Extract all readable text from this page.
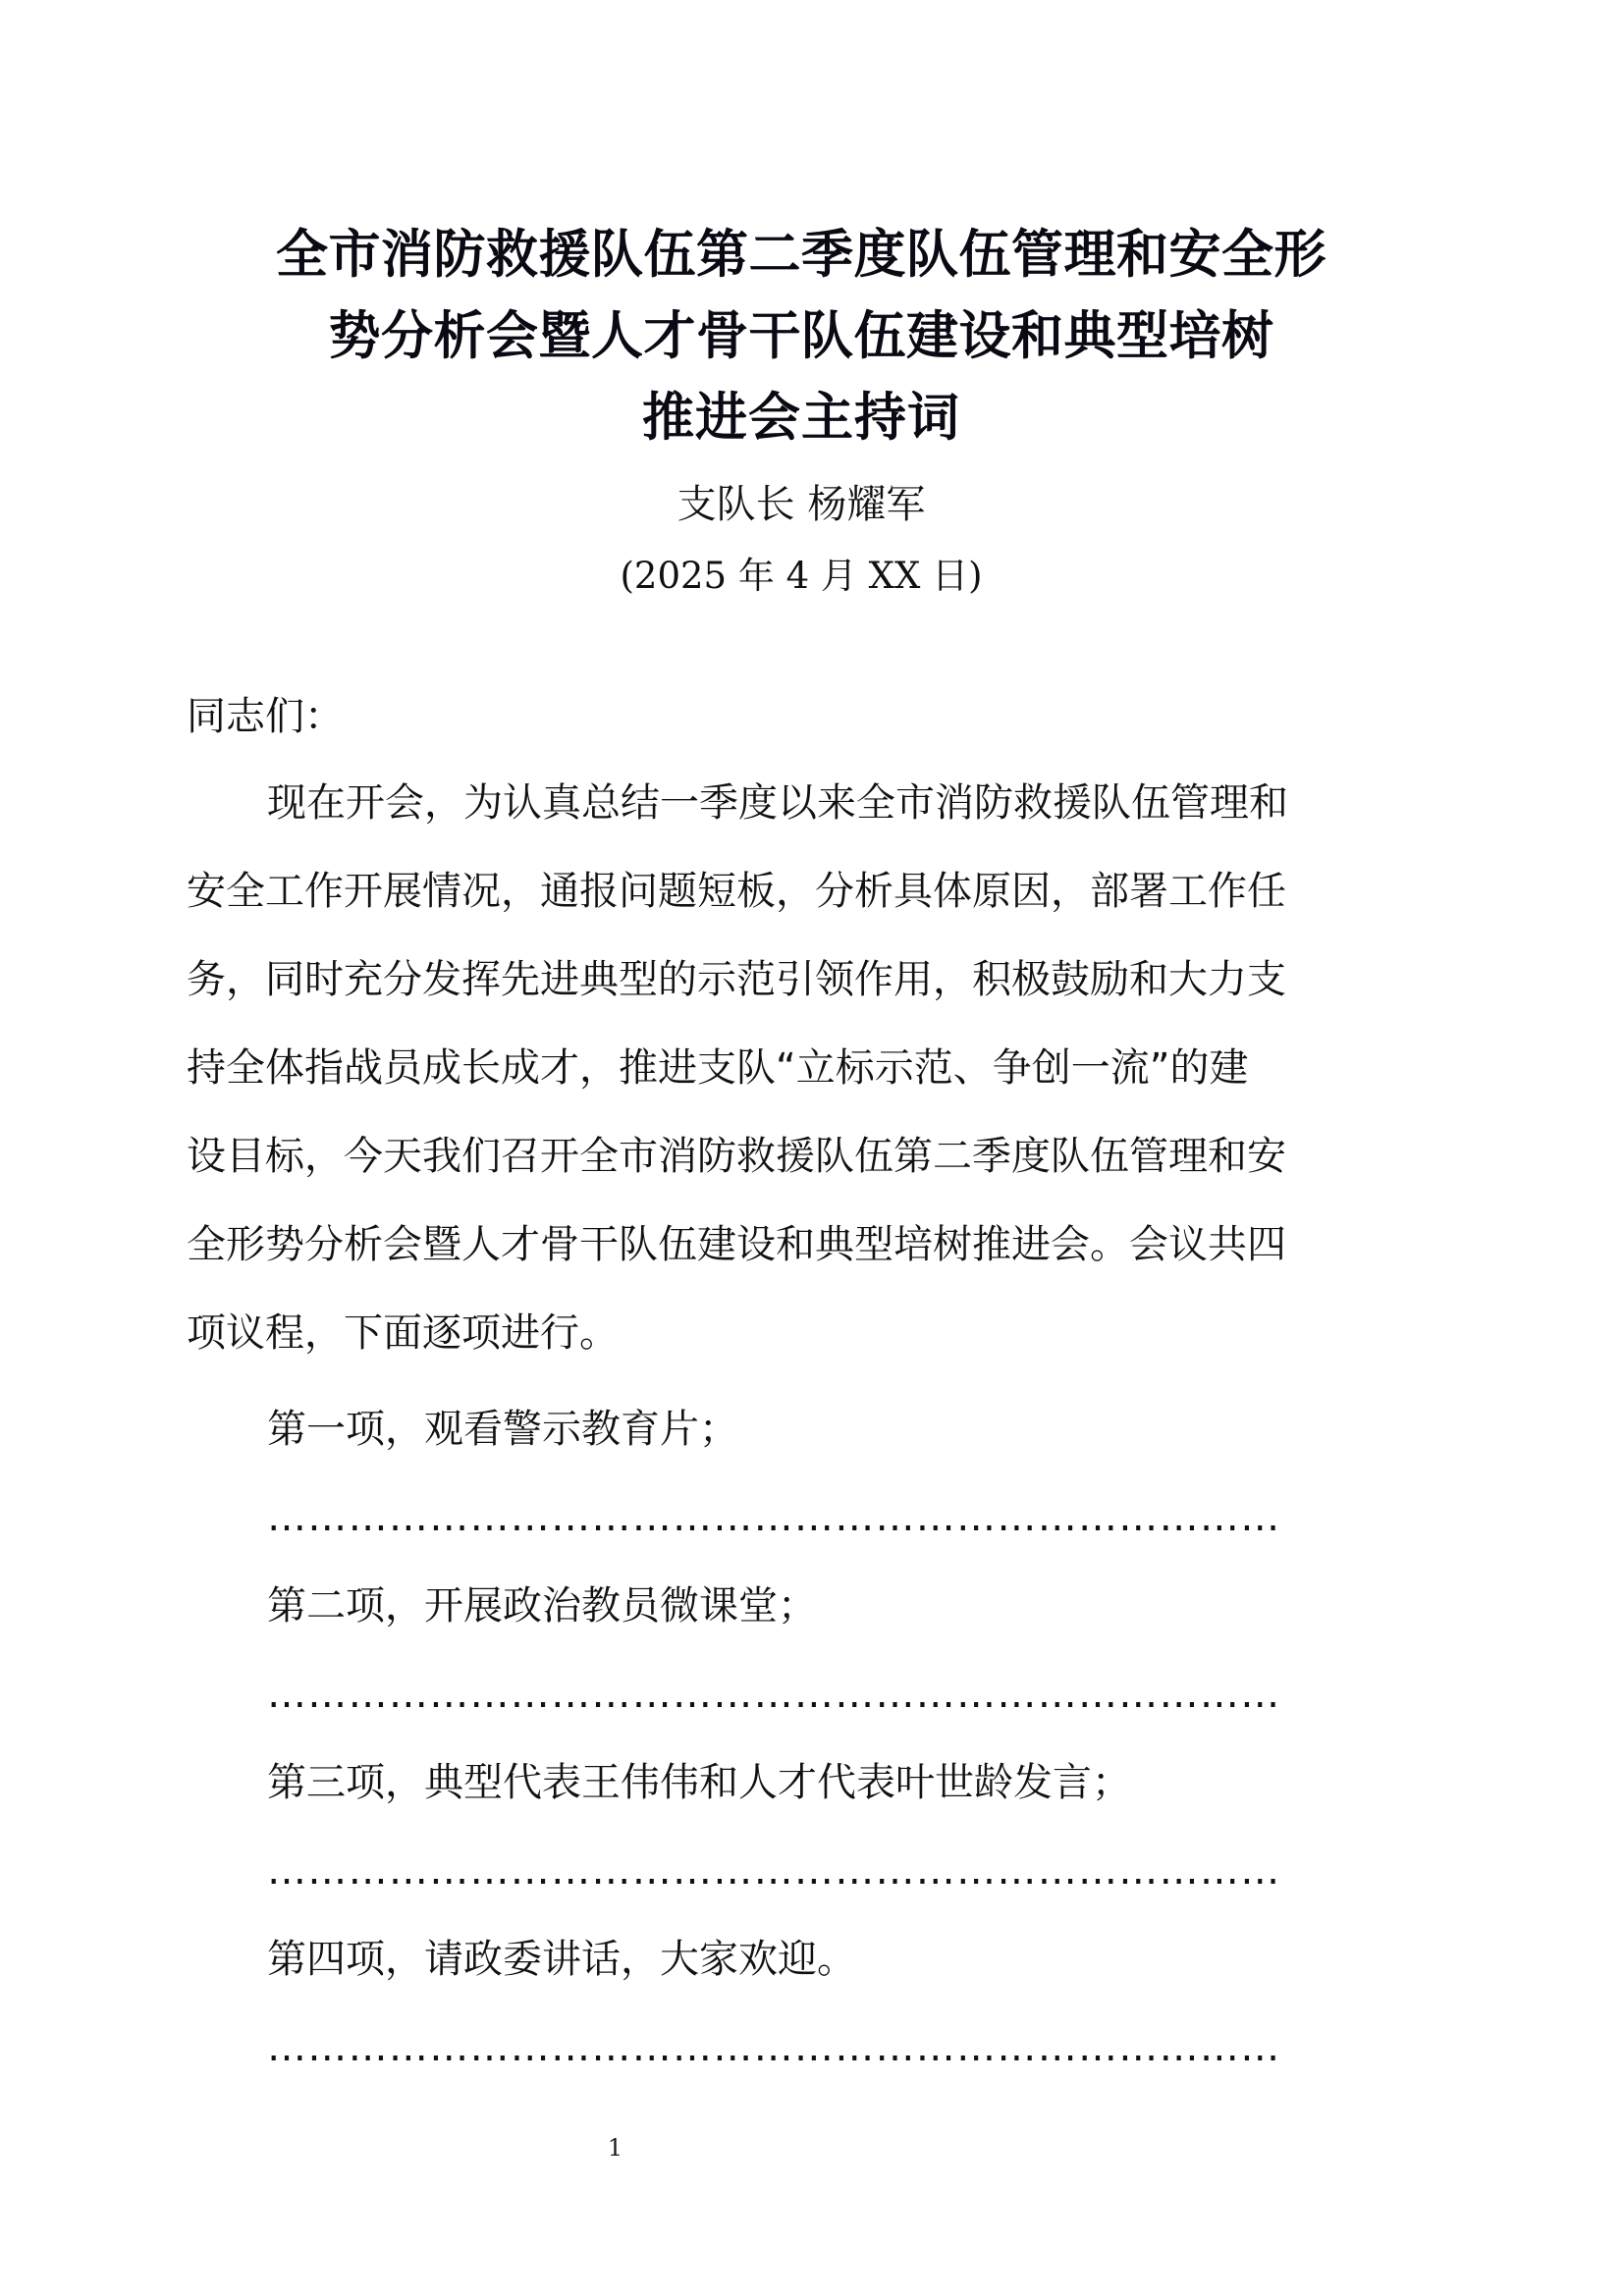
全市消防救援队伍第二季度队伍管理和安全形
势分析会暨人才骨干队伍建设和典型培树
推进会主持词

支队长 杨耀军

(2025 年 4 月 XX 日)

同志们：

现在开会，为认真总结一季度以来全市消防救援队伍管理和
安全工作开展情况，通报问题短板，分析具体原因，部署工作任
务，同时充分发挥先进典型的示范引领作用，积极鼓励和大力支
持全体指战员成长成才，推进支队“立标示范、争创一流”的建
设目标，今天我们召开全市消防救援队伍第二季度队伍管理和安
全形势分析会暨人才骨干队伍建设和典型培树推进会。会议共四
项议程，下面逐项进行。
第一项，观看警示教育片；
…………………………………………………………………
第二项，开展政治教员微课堂；
…………………………………………………………………
第三项，典型代表王伟伟和人才代表叶世龄发言；
…………………………………………………………………
第四项，请政委讲话，大家欢迎。
…………………………………………………………………
1
